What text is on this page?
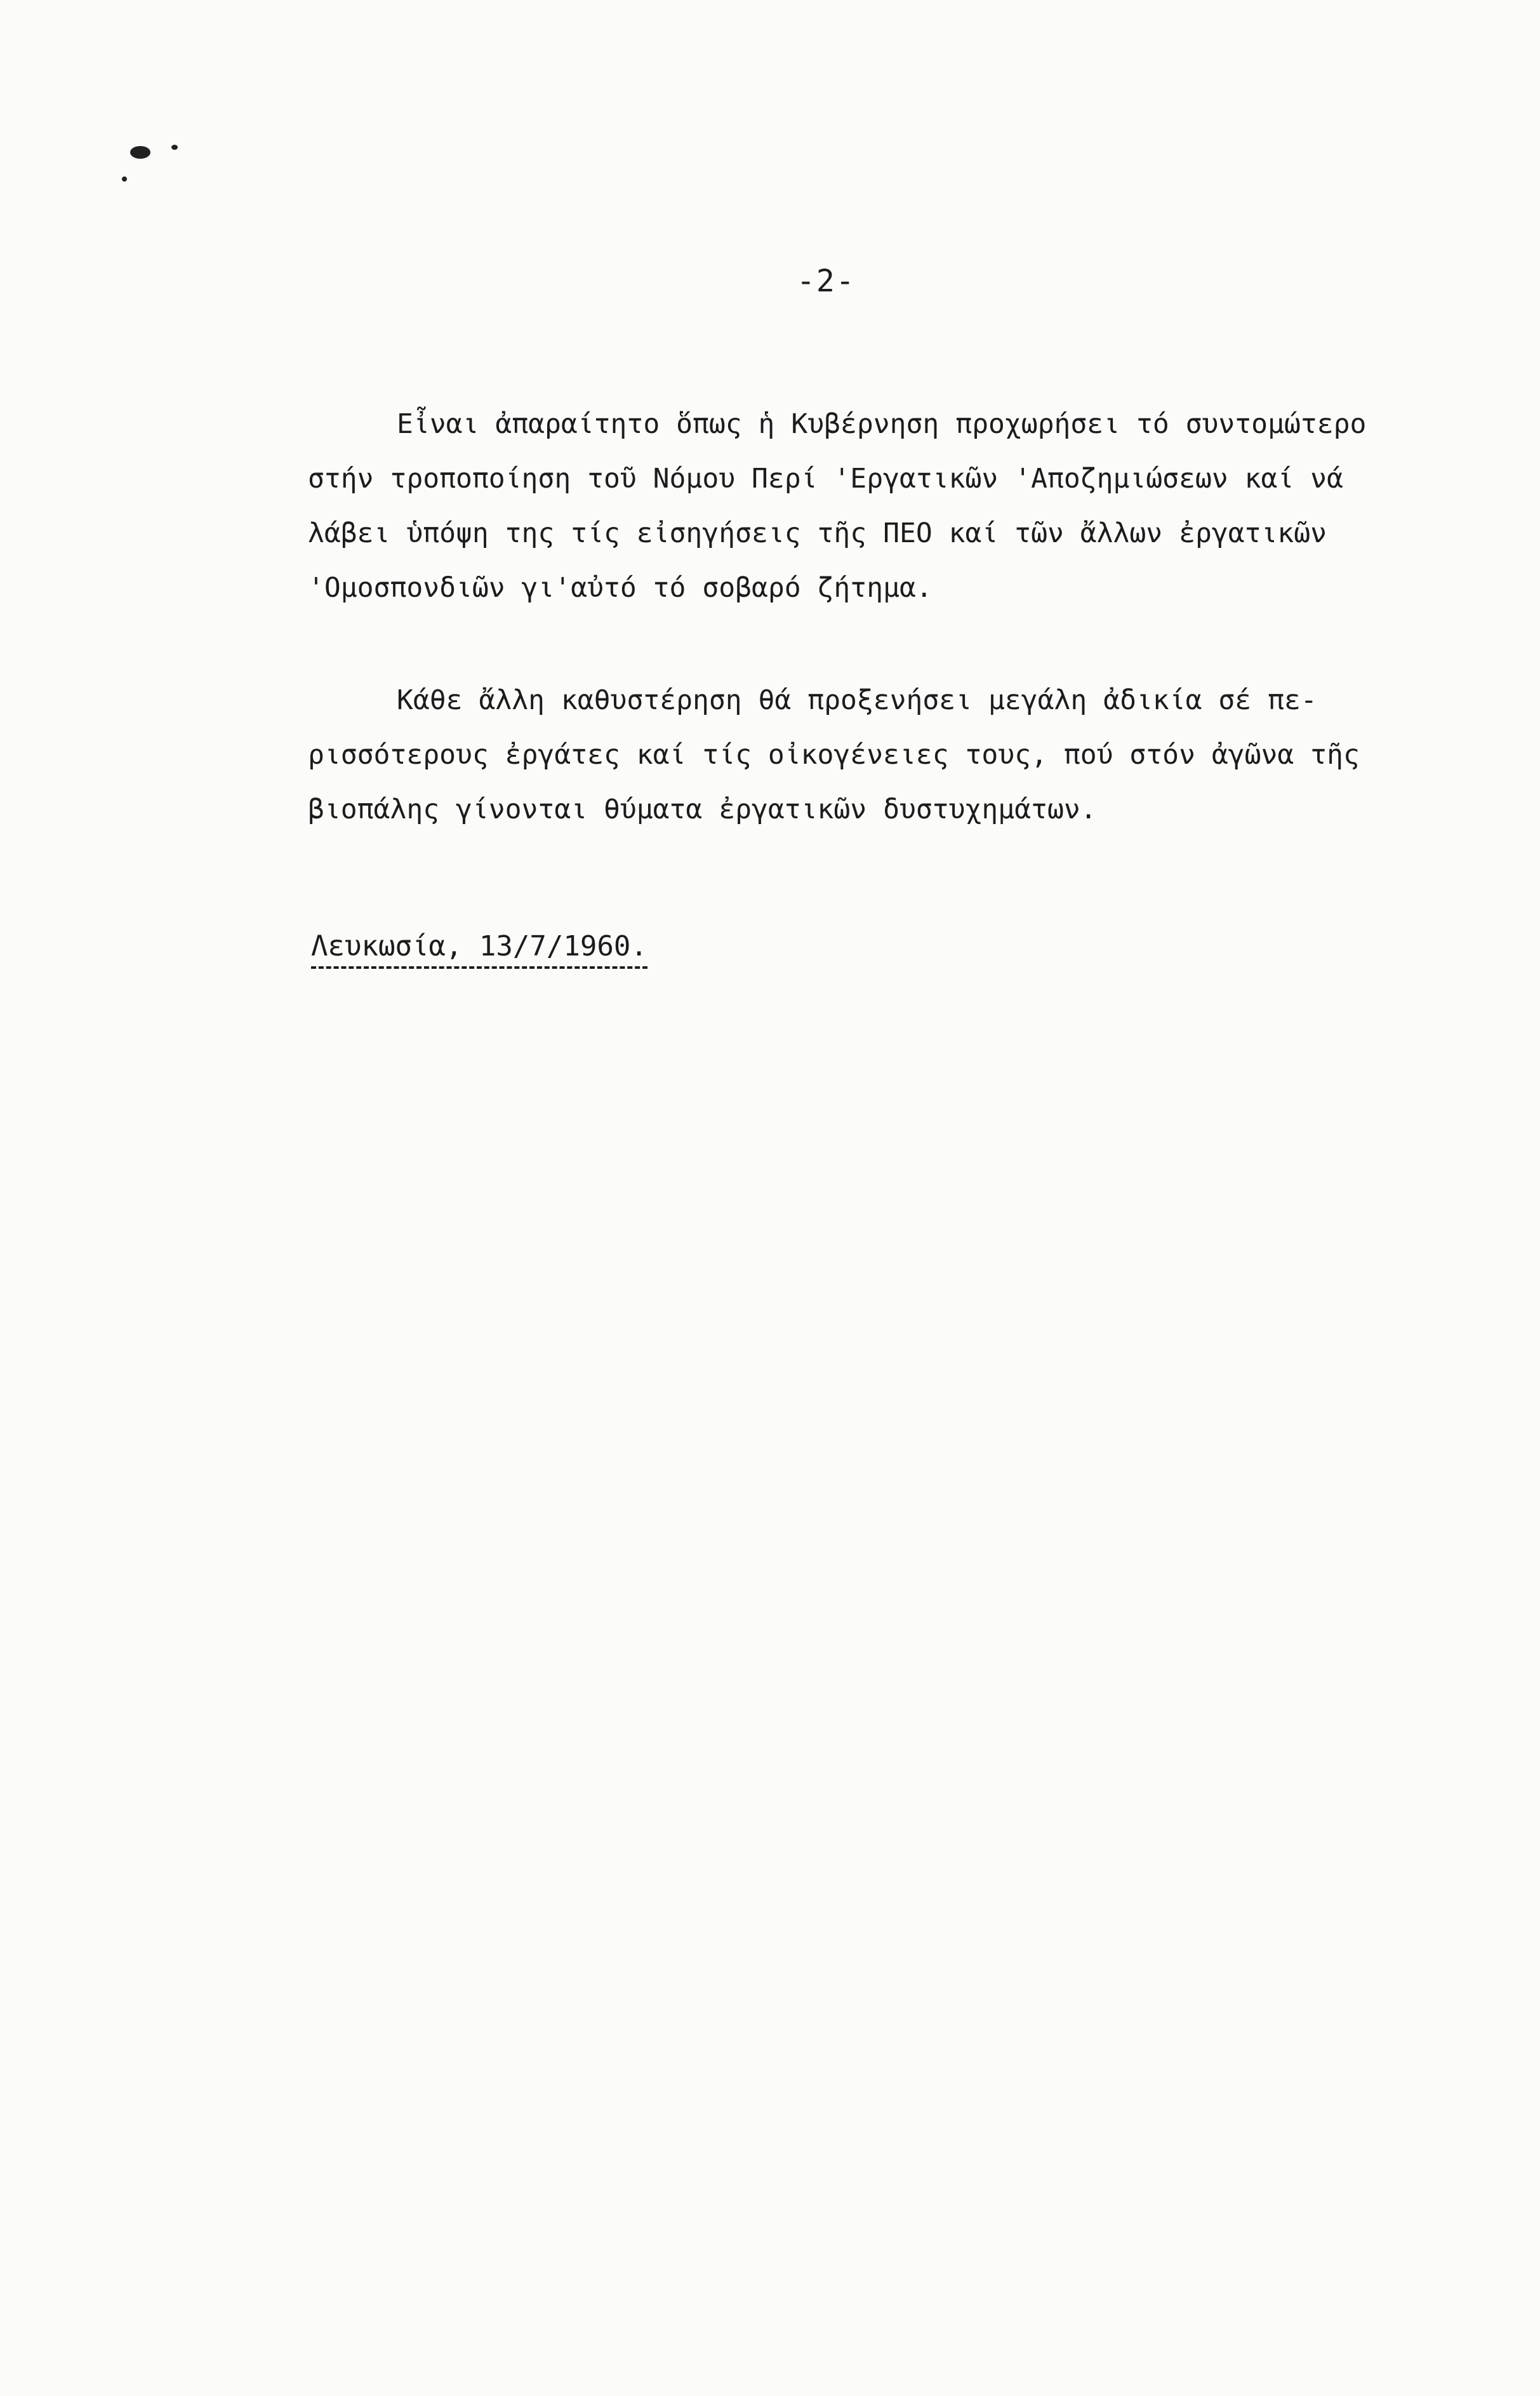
-2-
Εἶναι ἀπαραίτητο ὅπως ἡ Κυβέρνηση προχωρήσει τό συντομώτερο
στήν τροποποίηση τοῦ Νόμου Περί 'Εργατικῶν 'Αποζημιώσεων καί νά
λάβει ὑπόψη της τίς εἰσηγήσεις τῆς ΠΕΟ καί τῶν ἄλλων ἐργατικῶν
'Ομοσπονδιῶν γι'αὐτό τό σοβαρό ζήτημα.
Κάθε ἄλλη καθυστέρηση θά προξενήσει μεγάλη ἀδικία σέ πε-
ρισσότερους ἐργάτες καί τίς οἰκογένειες τους, πού στόν ἀγῶνα τῆς
βιοπάλης γίνονται θύματα ἐργατικῶν δυστυχημάτων.
Λευκωσία, 13/7/1960.
